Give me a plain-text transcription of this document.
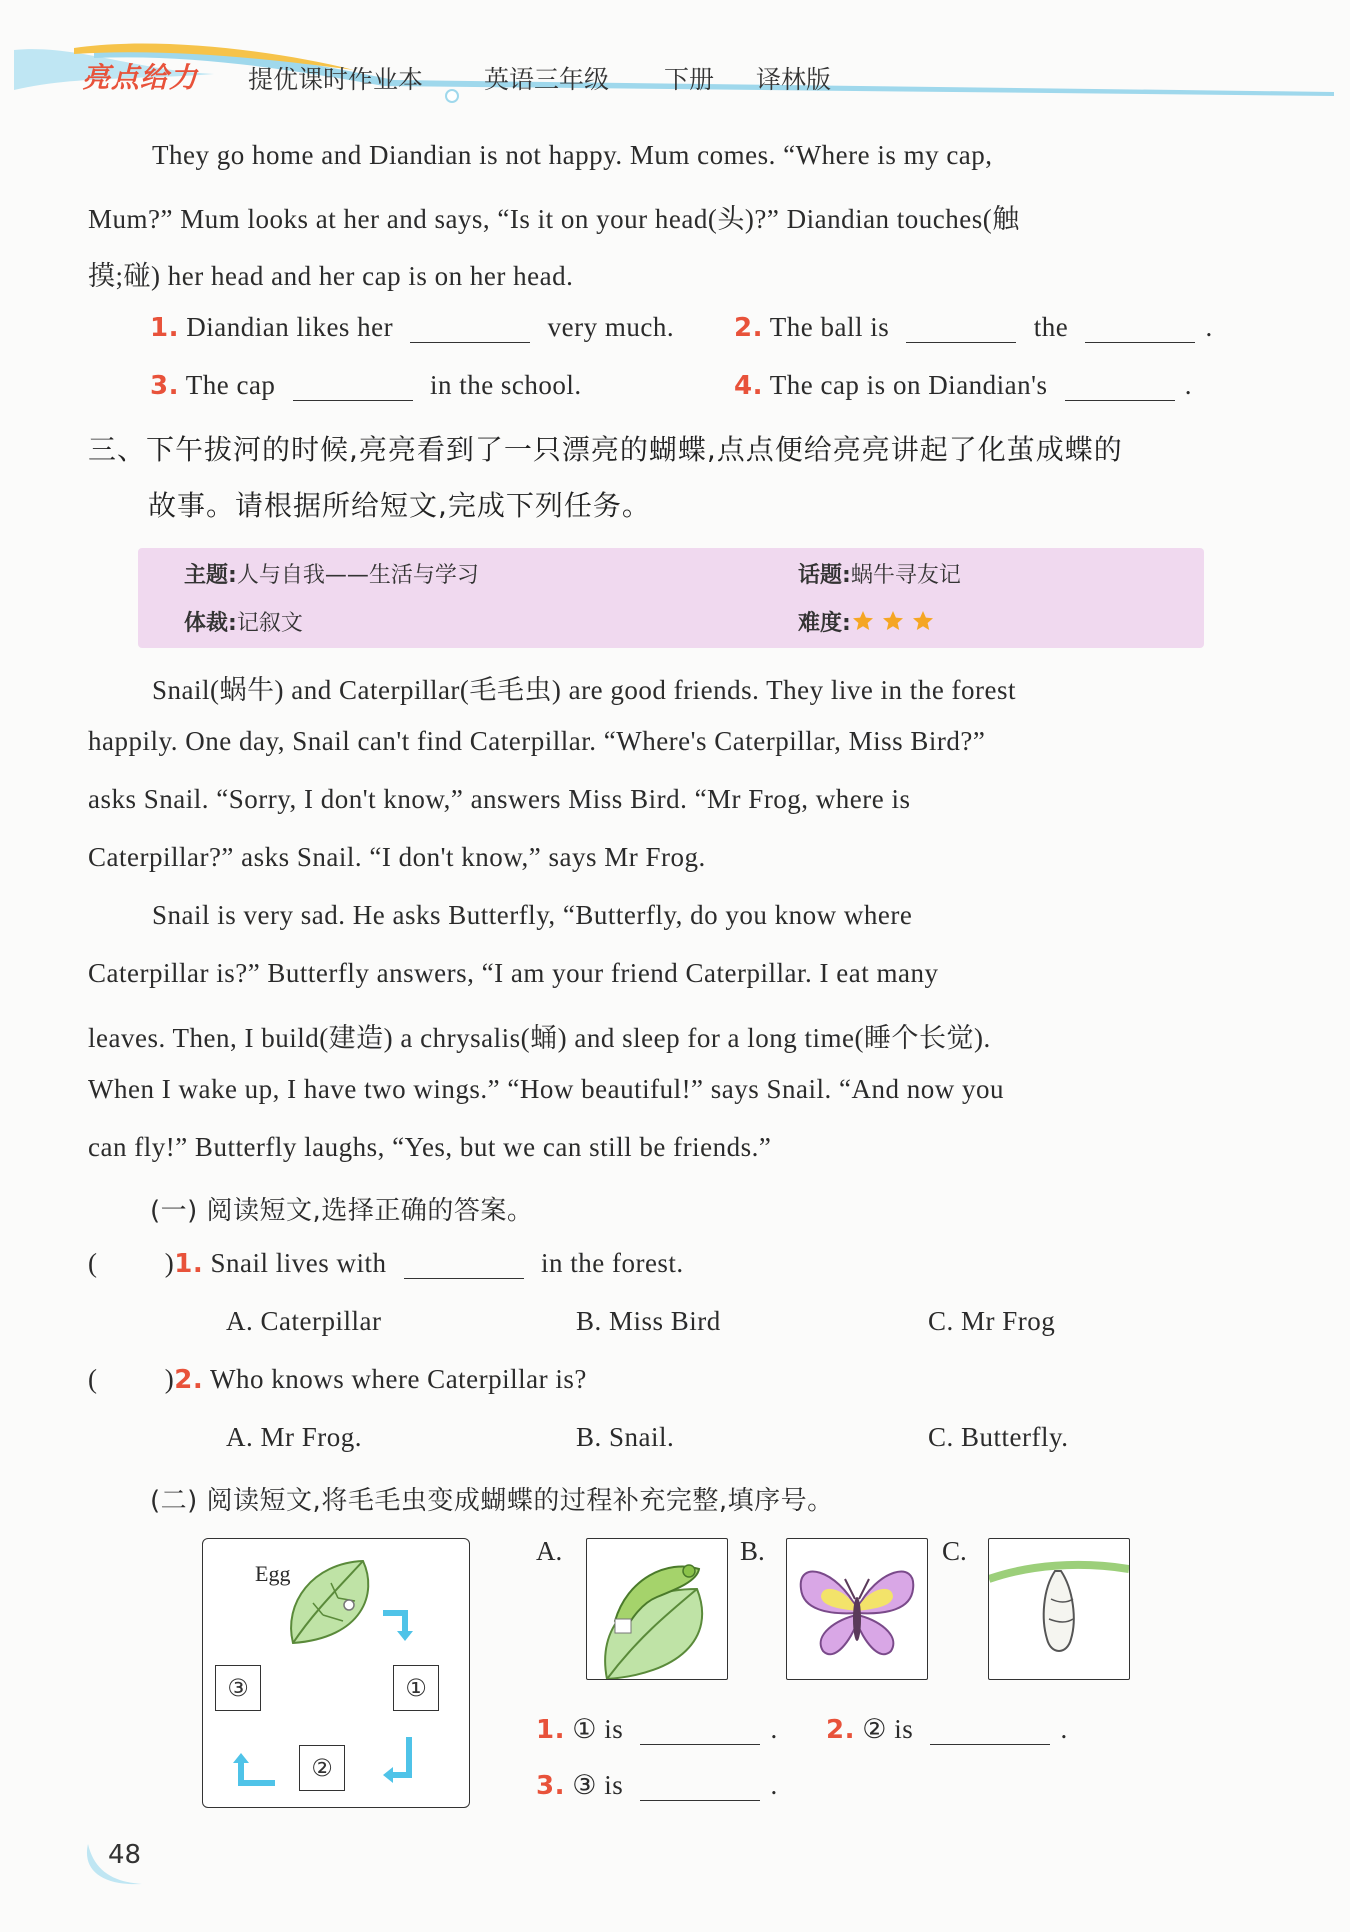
亮点给力 提优课时作业本 英语三年级 下册 译林版
They go home and Diandian is not happy. Mum comes. “Where is my cap,
Mum?” Mum looks at her and says, “Is it on your head(头)?” Diandian touches(触
摸;碰) her head and her cap is on her head.
1. Diandian likes her	very much. 2. The ball is	the	.
3. The cap	in the school.	4. The cap is on Diandian's	.
三、下午拔河的时候,亮亮看到了一只漂亮的蝴蝶,点点便给亮亮讲起了化茧成蝶的
故事。请根据所给短文,完成下列任务。
主题:人与自我——生活与学习	话题:蜗牛寻友记
体裁:记叙文	难度:
Snail(蜗牛) and Caterpillar(毛毛虫) are good friends. They live in the forest
happily. One day, Snail can't find Caterpillar. “Where's Caterpillar, Miss Bird?”
asks Snail. “Sorry, I don't know,” answers Miss Bird. “Mr Frog, where is
Caterpillar?” asks Snail. “I don't know,” says Mr Frog.
Snail is very sad. He asks Butterfly, “Butterfly, do you know where
Caterpillar is?” Butterfly answers, “I am your friend Caterpillar. I eat many
leaves. Then, I build(建造) a chrysalis(蛹) and sleep for a long time(睡个长觉).
When I wake up, I have two wings.” “How beautiful!” says Snail. “And now you
can fly!” Butterfly laughs, “Yes, but we can still be friends.”
(一) 阅读短文,选择正确的答案。
( )1. Snail lives with	in the forest.
A. Caterpillar	B. Miss Bird	C. Mr Frog
( )2. Who knows where Caterpillar is?
A. Mr Frog.	B. Snail.	C. Butterfly.
(二) 阅读短文,将毛毛虫变成蝴蝶的过程补充完整,填序号。
Egg
③	①
②
A.	B.	C.
1. ① is	. 2. ② is	.
3. ③ is	.
48
